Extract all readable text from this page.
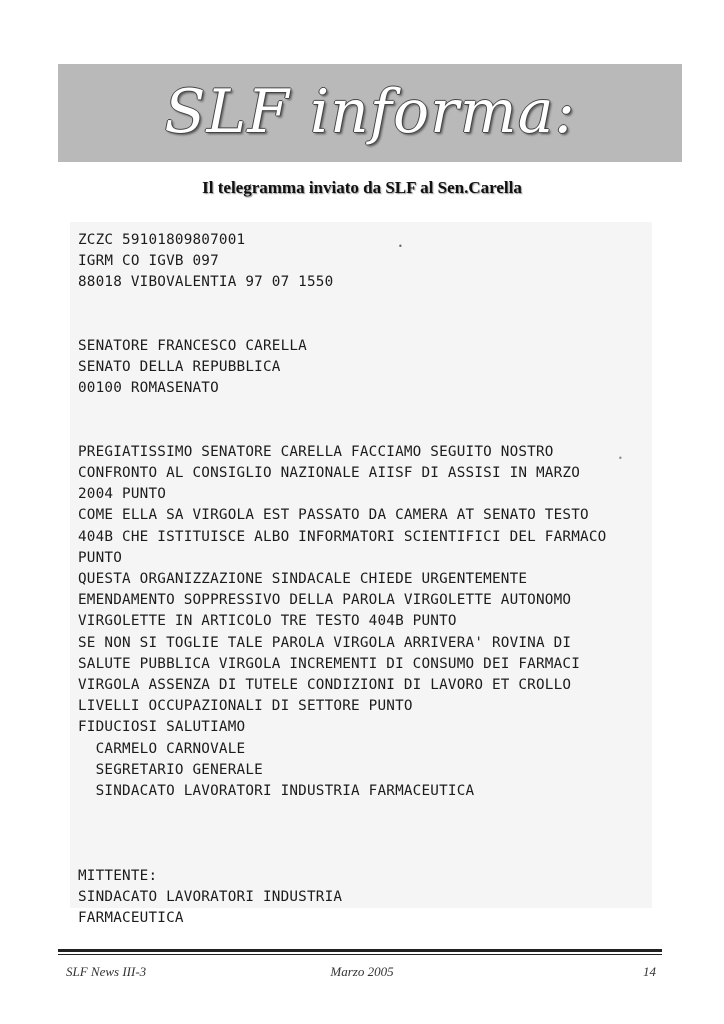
SLF informa:
Il telegramma inviato da SLF al Sen.Carella
•
•
ZCZC 59101809807001
IGRM CO IGVB 097
88018 VIBOVALENTIA 97 07 1550
SENATORE FRANCESCO CARELLA
SENATO DELLA REPUBBLICA
00100 ROMASENATO
PREGIATISSIMO SENATORE CARELLA FACCIAMO SEGUITO NOSTRO
CONFRONTO AL CONSIGLIO NAZIONALE AIISF DI ASSISI IN MARZO
2004 PUNTO
COME ELLA SA VIRGOLA EST PASSATO DA CAMERA AT SENATO TESTO
404B CHE ISTITUISCE ALBO INFORMATORI SCIENTIFICI DEL FARMACO
PUNTO
QUESTA ORGANIZZAZIONE SINDACALE CHIEDE URGENTEMENTE
EMENDAMENTO SOPPRESSIVO DELLA PAROLA VIRGOLETTE AUTONOMO
VIRGOLETTE IN ARTICOLO TRE TESTO 404B PUNTO
SE NON SI TOGLIE TALE PAROLA VIRGOLA ARRIVERA' ROVINA DI
SALUTE PUBBLICA VIRGOLA INCREMENTI DI CONSUMO DEI FARMACI
VIRGOLA ASSENZA DI TUTELE CONDIZIONI DI LAVORO ET CROLLO
LIVELLI OCCUPAZIONALI DI SETTORE PUNTO
FIDUCIOSI SALUTIAMO
CARMELO CARNOVALE
SEGRETARIO GENERALE
SINDACATO LAVORATORI INDUSTRIA FARMACEUTICA
MITTENTE:
SINDACATO LAVORATORI INDUSTRIA
FARMACEUTICA
SLF News III-3	Marzo 2005	14
